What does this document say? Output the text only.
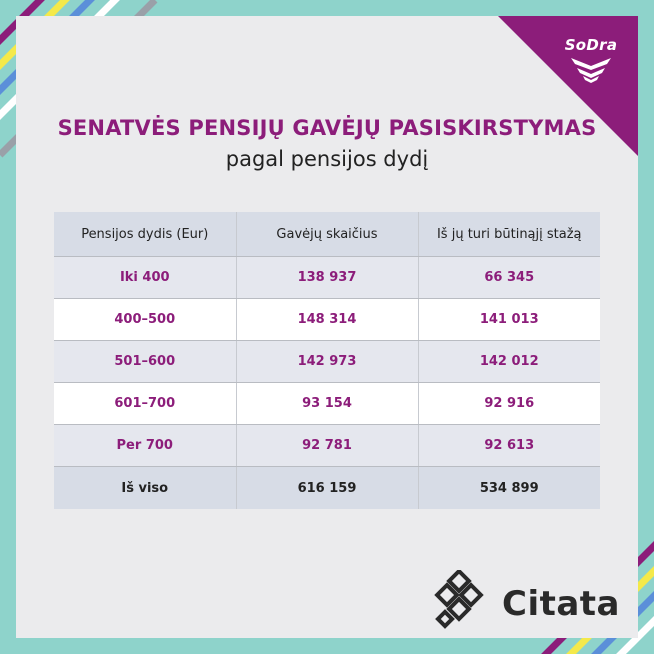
SoDra
SENATVĖS PENSIJŲ GAVĖJŲ PASISKIRSTYMAS
pagal pensijos dydį
Pensijos dydis (Eur)	Gavėjų skaičius	Iš jų turi būtinąjį stažą
Iki 400	138 937	66 345
400–500	148 314	141 013
501–600	142 973	142 012
601–700	93 154	92 916
Per 700	92 781	92 613
Iš viso	616 159	534 899
Citata
